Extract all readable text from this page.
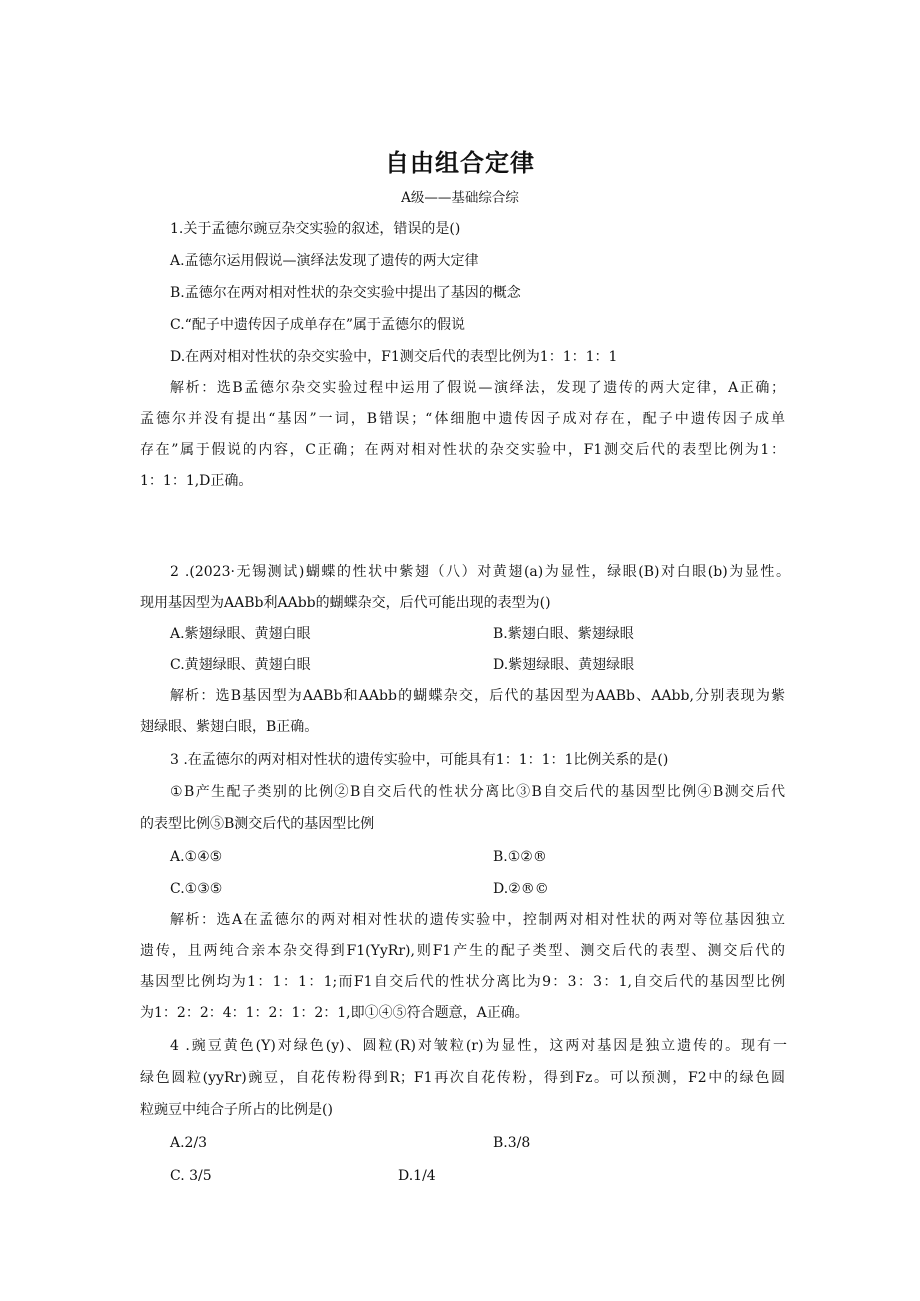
自由组合定律
A级——基础综合综
1.关于孟德尔豌豆杂交实验的叙述，错误的是()
A.孟德尔运用假说—演绎法发现了遗传的两大定律
B.孟德尔在两对相对性状的杂交实验中提出了基因的概念
C.“配子中遗传因子成单存在”属于孟德尔的假说
D.在两对相对性状的杂交实验中，F1测交后代的表型比例为1：1：1：1
解析：选B孟德尔杂交实验过程中运用了假说—演绎法，发现了遗传的两大定律，A正确；
孟德尔并没有提出“基因”一词，B错误；“体细胞中遗传因子成对存在，配子中遗传因子成单
存在”属于假说的内容，C正确；在两对相对性状的杂交实验中，F1测交后代的表型比例为1：
1：1：1,D正确。
2 .(2023·无锡测试)蝴蝶的性状中紫翅（八）对黄翅(a)为显性，绿眼(B)对白眼(b)为显性。
现用基因型为AABb利AAbb的蝴蝶杂交，后代可能出现的表型为()
A.紫翅绿眼、黄翅白眼	B.紫翅白眼、紫翅绿眼
C.黄翅绿眼、黄翅白眼	D.紫翅绿眼、黄翅绿眼
解析：选B基因型为AABb和AAbb的蝴蝶杂交，后代的基因型为AABb、AAbb,分别表现为紫
翅绿眼、紫翅白眼，B正确。
3 .在孟德尔的两对相对性状的遗传实验中，可能具有1：1：1：1比例关系的是()
①B产生配子类别的比例②B自交后代的性状分离比③B自交后代的基因型比例④B测交后代
的表型比例⑤B测交后代的基因型比例
A.①④⑤	B.①②®
C.①③⑤	D.②®©
解析：选A在孟德尔的两对相对性状的遗传实验中，控制两对相对性状的两对等位基因独立
遗传，且两纯合亲本杂交得到F1(YyRr),则F1产生的配子类型、测交后代的表型、测交后代的
基因型比例均为1：1：1：1;而F1自交后代的性状分离比为9：3：3：1,自交后代的基因型比例
为1：2：2：4：1：2：1：2：1,即①④⑤符合题意，A正确。
4 .豌豆黄色(Y)对绿色(y)、圆粒(R)对皱粒(r)为显性，这两对基因是独立遗传的。现有一
绿色圆粒(yyRr)豌豆，自花传粉得到R；F1再次自花传粉，得到Fz。可以预测，F2中的绿色圆
粒豌豆中纯合子所占的比例是()
A.2/3	B.3/8
C. 3/5	D.1/4
